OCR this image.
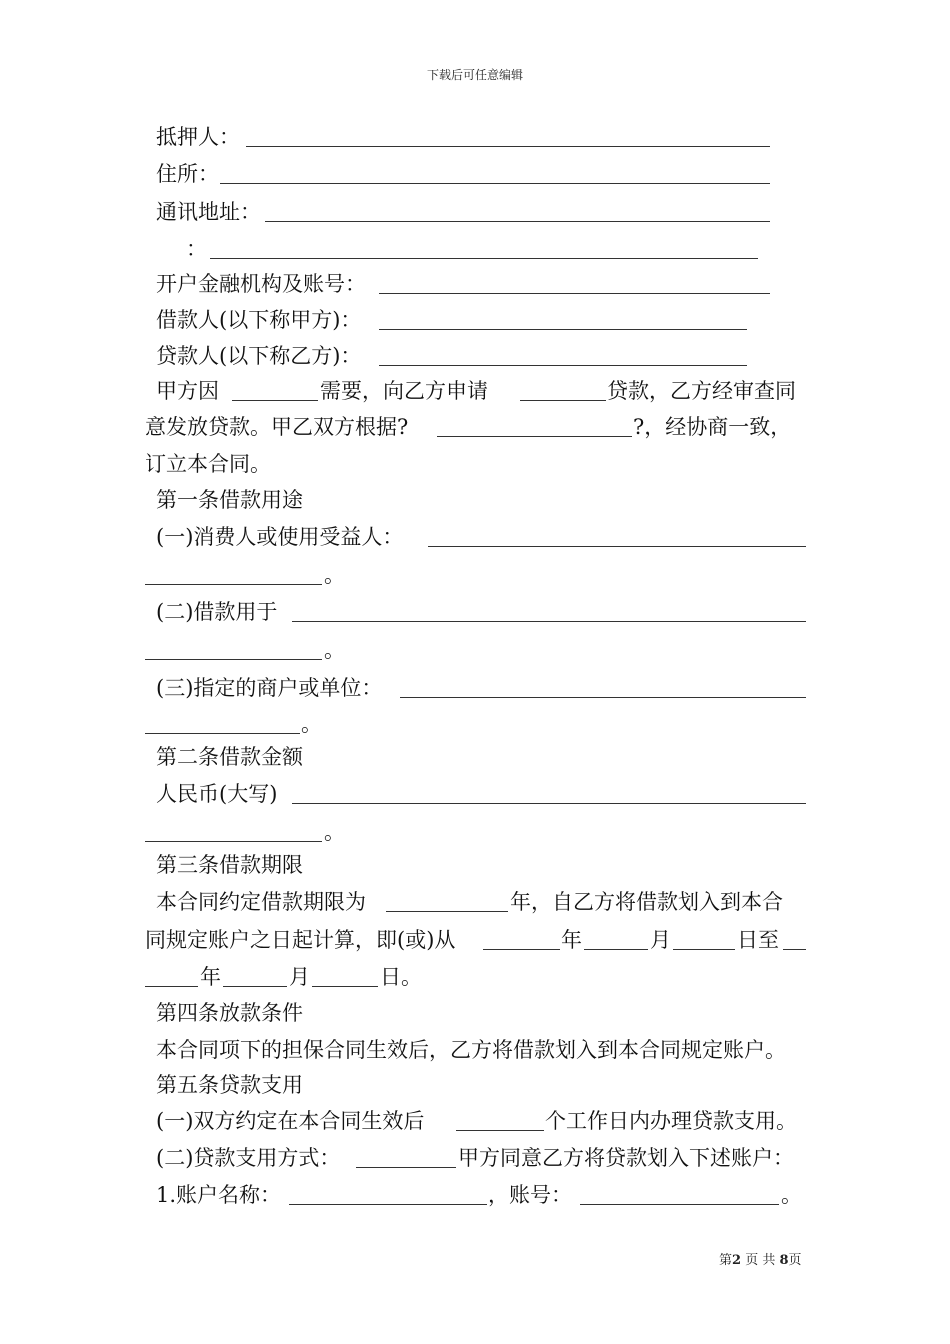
下载后可任意编辑
抵押人：
住所：
通讯地址：
：
开户金融机构及账号：
借款人(以下称甲方)：
贷款人(以下称乙方)：
甲方因	需要，向乙方申请	贷款，乙方经审查同
意发放贷款。甲乙双方根据?	?，经协商一致，
订立本合同。
第一条借款用途
(一)消费人或使用受益人：
。
(二)借款用于
。
(三)指定的商户或单位：
。
第二条借款金额
人民币(大写)
。
第三条借款期限
本合同约定借款期限为	年，自乙方将借款划入到本合
同规定账户之日起计算，即(或)从	年	月	日至
年	月	日。
第四条放款条件
本合同项下的担保合同生效后，乙方将借款划入到本合同规定账户。
第五条贷款支用
(一)双方约定在本合同生效后	个工作日内办理贷款支用。
(二)贷款支用方式：	甲方同意乙方将贷款划入下述账户：
1.账户名称：	，账号：	。
第2 页 共 8页
